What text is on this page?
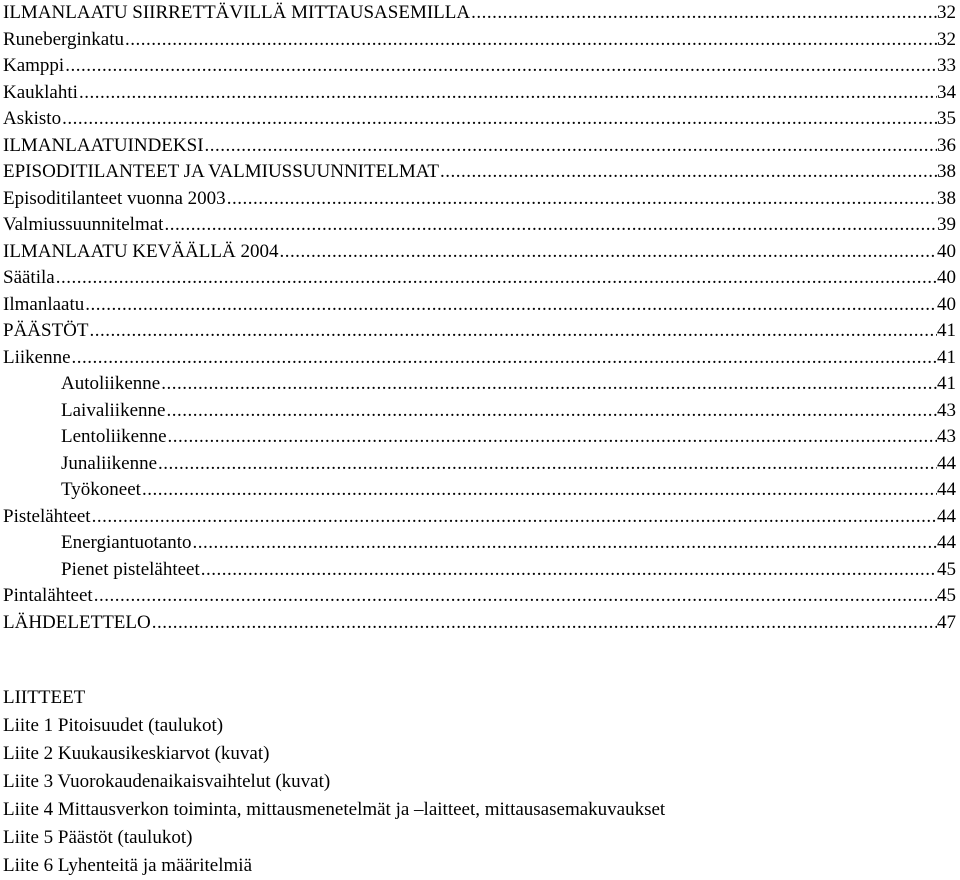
ILMANLAATU SIIRRETTÄVILLÄ MITTAUSASEMILLA .....	32
Runeberginkatu .....	32
Kamppi .....	33
Kauklahti .....	34
Askisto .....	35
ILMANLAATUINDEKSI .....	36
EPISODITILANTEET JA VALMIUSSUUNNITELMAT .....	38
Episoditilanteet vuonna 2003 .....	38
Valmiussuunnitelmat .....	39
ILMANLAATU KEVÄÄLLÄ 2004 .....	40
Säätila .....	40
Ilmanlaatu .....	40
PÄÄSTÖT .....	41
Liikenne .....	41
Autoliikenne .....	41
Laivaliikenne .....	43
Lentoliikenne .....	43
Junaliikenne .....	44
Työkoneet .....	44
Pistelähteet .....	44
Energiantuotanto .....	44
Pienet pistelähteet .....	45
Pintalähteet .....	45
LÄHDELETTELO .....	47
LIITTEET
Liite 1 Pitoisuudet (taulukot)
Liite 2 Kuukausikeskiarvot (kuvat)
Liite 3 Vuorokaudenaikaisvaihtelut (kuvat)
Liite 4 Mittausverkon toiminta, mittausmenetelmät ja –laitteet, mittausasemakuvaukset
Liite 5 Päästöt (taulukot)
Liite 6 Lyhenteitä ja määritelmiä
